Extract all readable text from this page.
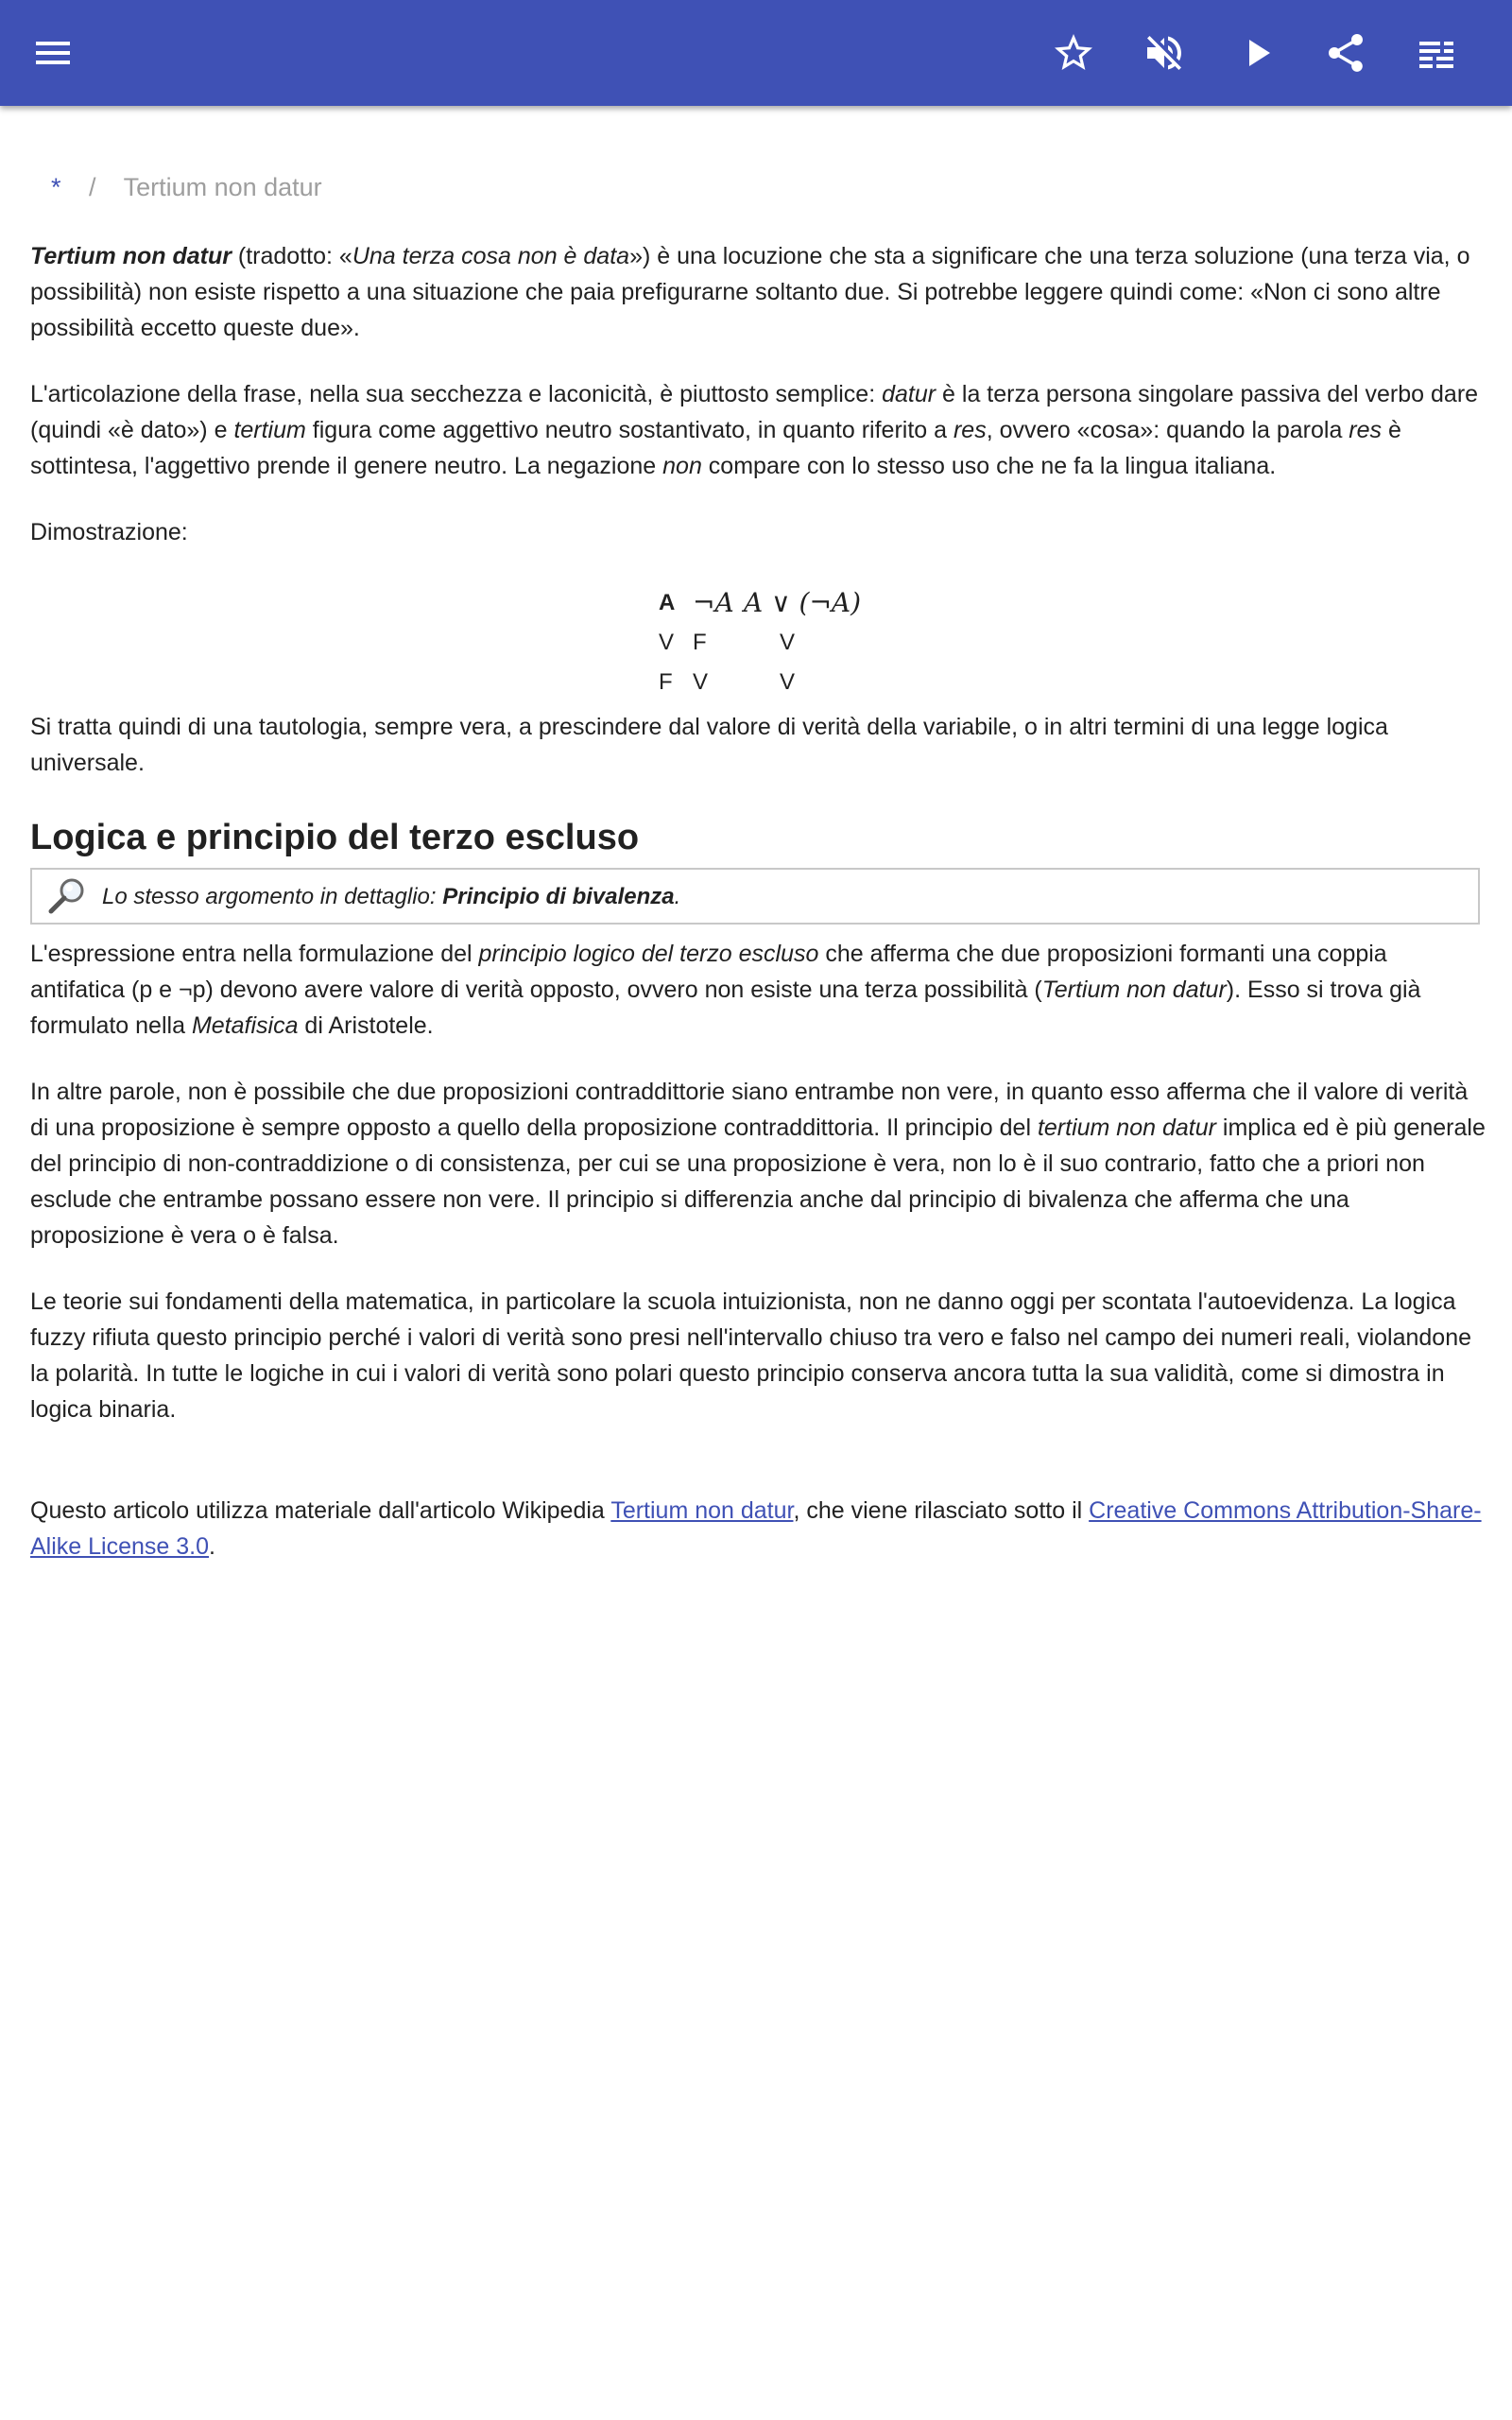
* / Tertium non datur

Tertium non datur (tradotto: «Una terza cosa non è data») è una locuzione che sta a significare che una terza soluzione (una terza via, o possibilità) non esiste rispetto a una situazione che paia prefigurarne soltanto due. Si potrebbe leggere quindi come: «Non ci sono altre possibilità eccetto queste due».

L'articolazione della frase, nella sua secchezza e laconicità, è piuttosto semplice: datur è la terza persona singolare passiva del verbo dare (quindi «è dato») e tertium figura come aggettivo neutro sostantivato, in quanto riferito a res, ovvero «cosa»: quando la parola res è sottintesa, l'aggettivo prende il genere neutro. La negazione non compare con lo stesso uso che ne fa la lingua italiana.

Dimostrazione:

A ¬A A ∨ (¬A)
V F	V
F V	V

Si tratta quindi di una tautologia, sempre vera, a prescindere dal valore di verità della variabile, o in altri termini di una legge logica universale.

Logica e principio del terzo escluso
Lo stesso argomento in dettaglio: Principio di bivalenza.

L'espressione entra nella formulazione del principio logico del terzo escluso che afferma che due proposizioni formanti una coppia antifatica (p e ¬p) devono avere valore di verità opposto, ovvero non esiste una terza possibilità (Tertium non datur). Esso si trova già formulato nella Metafisica di Aristotele.

In altre parole, non è possibile che due proposizioni contraddittorie siano entrambe non vere, in quanto esso afferma che il valore di verità di una proposizione è sempre opposto a quello della proposizione contraddittoria. Il principio del tertium non datur implica ed è più generale del principio di non-contraddizione o di consistenza, per cui se una proposizione è vera, non lo è il suo contrario, fatto che a priori non esclude che entrambe possano essere non vere. Il principio si differenzia anche dal principio di bivalenza che afferma che una proposizione è vera o è falsa.

Le teorie sui fondamenti della matematica, in particolare la scuola intuizionista, non ne danno oggi per scontata l'autoevidenza. La logica fuzzy rifiuta questo principio perché i valori di verità sono presi nell'intervallo chiuso tra vero e falso nel campo dei numeri reali, violandone la polarità. In tutte le logiche in cui i valori di verità sono polari questo principio conserva ancora tutta la sua validità, come si dimostra in logica binaria.

Questo articolo utilizza materiale dall'articolo Wikipedia Tertium non datur, che viene rilasciato sotto il Creative Commons Attribution-Share-Alike License 3.0.
